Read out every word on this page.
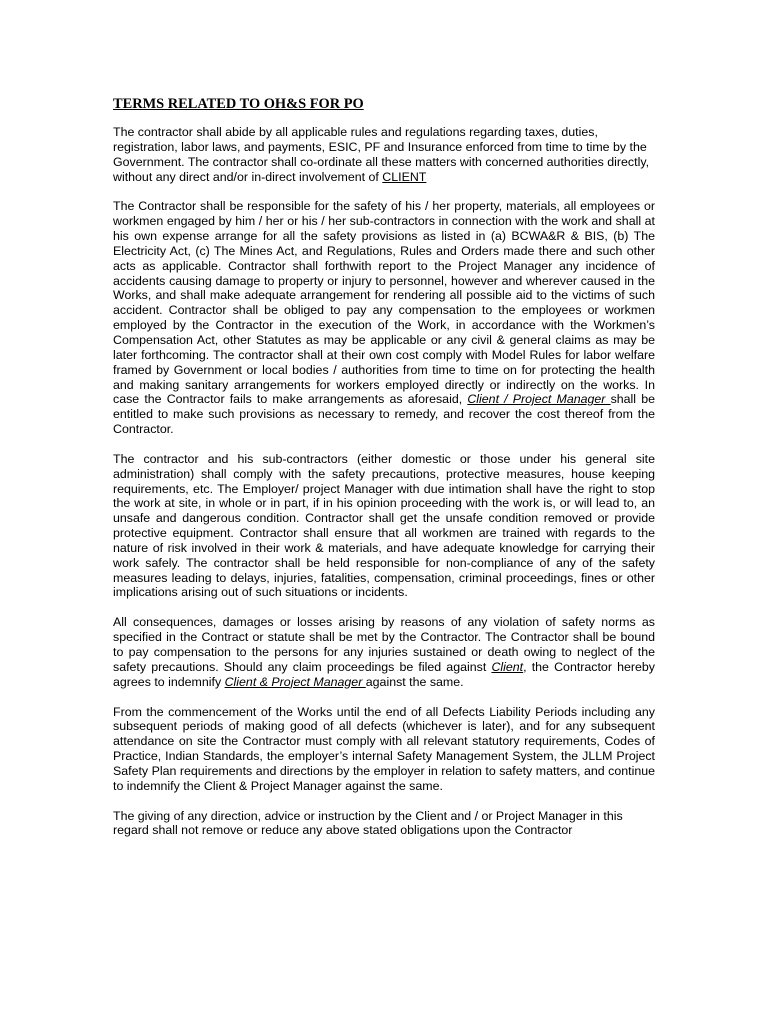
TERMS RELATED TO OH&S FOR PO

The contractor shall abide by all applicable rules and regulations regarding taxes, duties, registration, labor laws, and payments, ESIC, PF and Insurance enforced from time to time by the Government. The contractor shall co-ordinate all these matters with concerned authorities directly, without any direct and/or in-direct involvement of CLIENT

The Contractor shall be responsible for the safety of his / her property, materials, all employees or workmen engaged by him / her or his / her sub-contractors in connection with the work and shall at his own expense arrange for all the safety provisions as listed in (a) BCWA&R & BIS, (b) The Electricity Act, (c) The Mines Act, and Regulations, Rules and Orders made there and such other acts as applicable. Contractor shall forthwith report to the Project Manager any incidence of accidents causing damage to property or injury to personnel, however and wherever caused in the Works, and shall make adequate arrangement for rendering all possible aid to the victims of such accident. Contractor shall be obliged to pay any compensation to the employees or workmen employed by the Contractor in the execution of the Work, in accordance with the Workmen’s Compensation Act, other Statutes as may be applicable or any civil & general claims as may be later forthcoming. The contractor shall at their own cost comply with Model Rules for labor welfare framed by Government or local bodies / authorities from time to time on for protecting the health and making sanitary arrangements for workers employed directly or indirectly on the works. In case the Contractor fails to make arrangements as aforesaid, Client / Project Manager shall be entitled to make such provisions as necessary to remedy, and recover the cost thereof from the Contractor.

The contractor and his sub-contractors (either domestic or those under his general site administration) shall comply with the safety precautions, protective measures, house keeping requirements, etc. The Employer/ project Manager with due intimation shall have the right to stop the work at site, in whole or in part, if in his opinion proceeding with the work is, or will lead to, an unsafe and dangerous condition. Contractor shall get the unsafe condition removed or provide protective equipment. Contractor shall ensure that all workmen are trained with regards to the nature of risk involved in their work & materials, and have adequate knowledge for carrying their work safely. The contractor shall be held responsible for non-compliance of any of the safety measures leading to delays, injuries, fatalities, compensation, criminal proceedings, fines or other implications arising out of such situations or incidents.

All consequences, damages or losses arising by reasons of any violation of safety norms as specified in the Contract or statute shall be met by the Contractor. The Contractor shall be bound to pay compensation to the persons for any injuries sustained or death owing to neglect of the safety precautions. Should any claim proceedings be filed against Client, the Contractor hereby agrees to indemnify Client & Project Manager against the same.

From the commencement of the Works until the end of all Defects Liability Periods including any subsequent periods of making good of all defects (whichever is later), and for any subsequent attendance on site the Contractor must comply with all relevant statutory requirements, Codes of Practice, Indian Standards, the employer’s internal Safety Management System, the JLLM Project Safety Plan requirements and directions by the employer in relation to safety matters, and continue to indemnify the Client & Project Manager against the same.

The giving of any direction, advice or instruction by the Client and / or Project Manager in this regard shall not remove or reduce any above stated obligations upon the Contractor
